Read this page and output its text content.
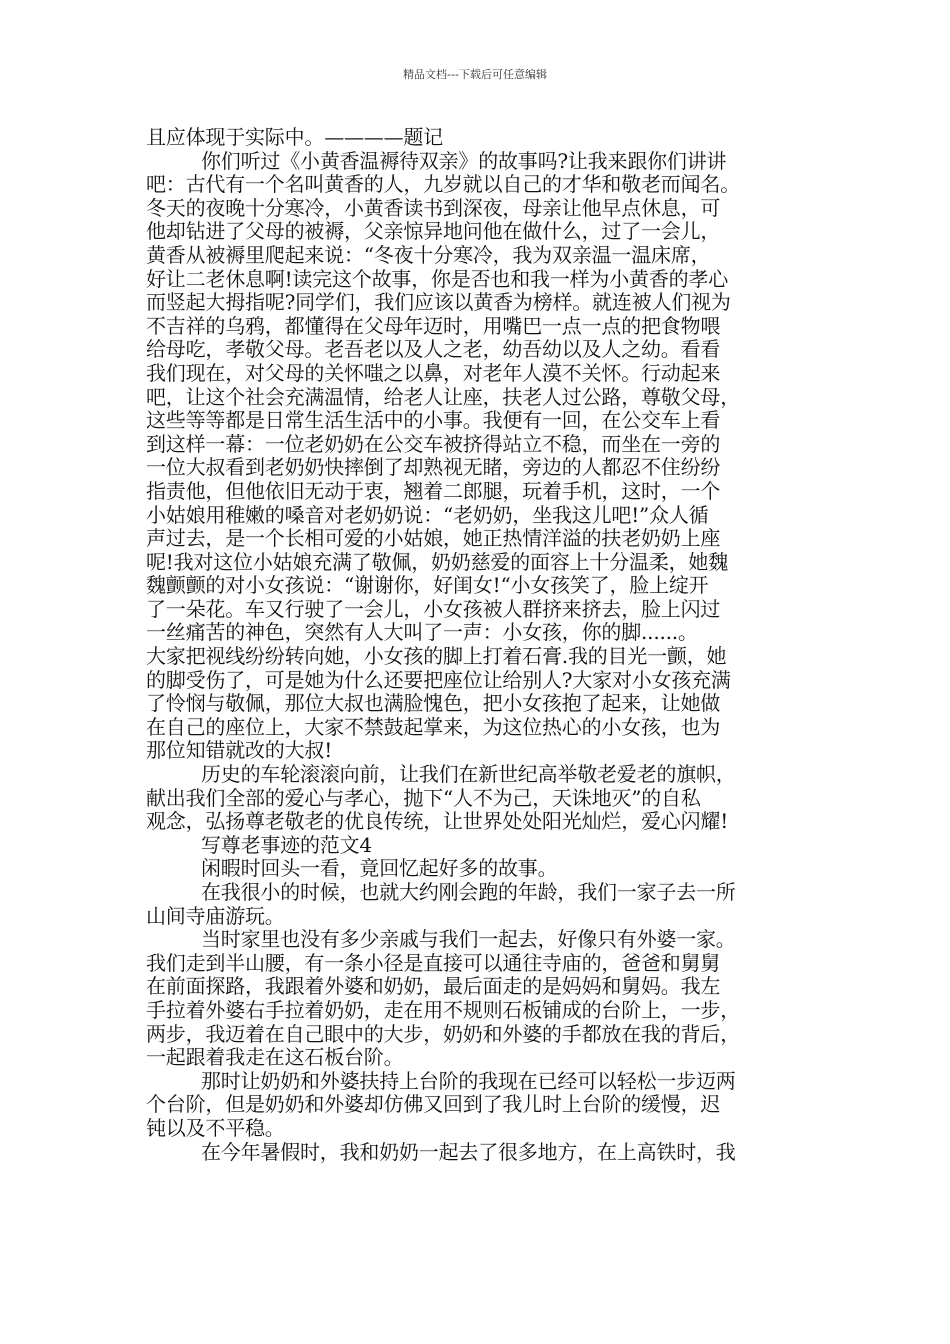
精品文档---下载后可任意编辑
且应体现于实际中。————题记
你们听过《小黄香温褥待双亲》的故事吗?让我来跟你们讲讲
吧：古代有一个名叫黄香的人，九岁就以自己的才华和敬老而闻名。
冬天的夜晚十分寒冷，小黄香读书到深夜，母亲让他早点休息，可
他却钻进了父母的被褥，父亲惊异地问他在做什么，过了一会儿，
黄香从被褥里爬起来说：“冬夜十分寒冷，我为双亲温一温床席，
好让二老休息啊!读完这个故事，你是否也和我一样为小黄香的孝心
而竖起大拇指呢?同学们，我们应该以黄香为榜样。就连被人们视为
不吉祥的乌鸦，都懂得在父母年迈时，用嘴巴一点一点的把食物喂
给母吃，孝敬父母。老吾老以及人之老，幼吾幼以及人之幼。看看
我们现在，对父母的关怀嗤之以鼻，对老年人漠不关怀。行动起来
吧，让这个社会充满温情，给老人让座，扶老人过公路，尊敬父母，
这些等等都是日常生活生活中的小事。我便有一回，在公交车上看
到这样一幕：一位老奶奶在公交车被挤得站立不稳，而坐在一旁的
一位大叔看到老奶奶快摔倒了却熟视无睹，旁边的人都忍不住纷纷
指责他，但他依旧无动于衷，翘着二郎腿，玩着手机，这时，一个
小姑娘用稚嫩的嗓音对老奶奶说：“老奶奶，坐我这儿吧!”众人循
声过去，是一个长相可爱的小姑娘，她正热情洋溢的扶老奶奶上座
呢!我对这位小姑娘充满了敬佩，奶奶慈爱的面容上十分温柔，她魏
魏颤颤的对小女孩说：“谢谢你，好闺女!“小女孩笑了，脸上绽开
了一朵花。车又行驶了一会儿，小女孩被人群挤来挤去，脸上闪过
一丝痛苦的神色，突然有人大叫了一声：小女孩，你的脚......。
大家把视线纷纷转向她，小女孩的脚上打着石膏.我的目光一颤，她
的脚受伤了，可是她为什么还要把座位让给别人?大家对小女孩充满
了怜悯与敬佩，那位大叔也满脸愧色，把小女孩抱了起来，让她做
在自己的座位上，大家不禁鼓起掌来，为这位热心的小女孩，也为
那位知错就改的大叔!
历史的车轮滚滚向前，让我们在新世纪高举敬老爱老的旗帜，
献出我们全部的爱心与孝心，抛下“人不为己，天诛地灭”的自私
观念，弘扬尊老敬老的优良传统，让世界处处阳光灿烂，爱心闪耀!
写尊老事迹的范文4
闲暇时回头一看，竟回忆起好多的故事。
在我很小的时候，也就大约刚会跑的年龄，我们一家子去一所
山间寺庙游玩。
当时家里也没有多少亲戚与我们一起去，好像只有外婆一家。
我们走到半山腰，有一条小径是直接可以通往寺庙的，爸爸和舅舅
在前面探路，我跟着外婆和奶奶，最后面走的是妈妈和舅妈。我左
手拉着外婆右手拉着奶奶，走在用不规则石板铺成的台阶上，一步，
两步，我迈着在自己眼中的大步，奶奶和外婆的手都放在我的背后，
一起跟着我走在这石板台阶。
那时让奶奶和外婆扶持上台阶的我现在已经可以轻松一步迈两
个台阶，但是奶奶和外婆却仿佛又回到了我儿时上台阶的缓慢，迟
钝以及不平稳。
在今年暑假时，我和奶奶一起去了很多地方，在上高铁时，我
